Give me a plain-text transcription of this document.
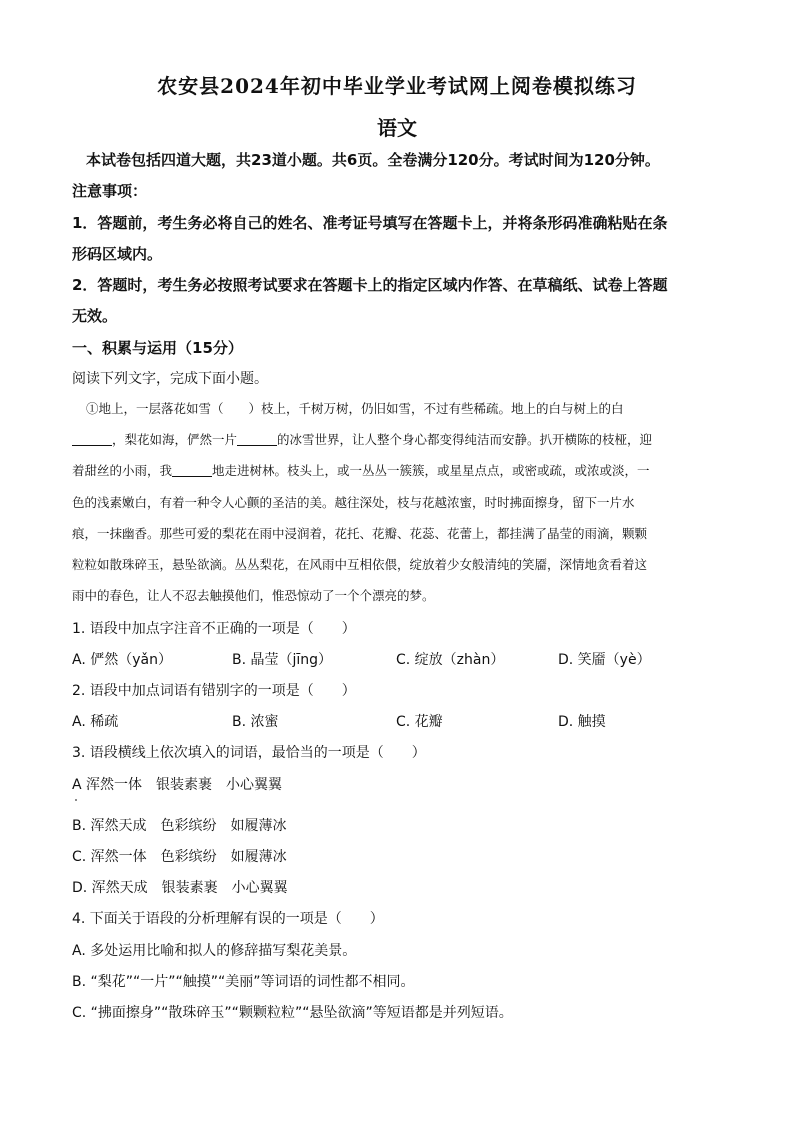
农安县2024年初中毕业学业考试网上阅卷模拟练习
语文
本试卷包括四道大题，共23道小题。共6页。全卷满分120分。考试时间为120分钟。
注意事项：
1．答题前，考生务必将自己的姓名、准考证号填写在答题卡上，并将条形码准确粘贴在条
形码区域内。
2．答题时，考生务必按照考试要求在答题卡上的指定区域内作答、在草稿纸、试卷上答题
无效。
一、积累与运用（15分）
阅读下列文字，完成下面小题。
①地上，一层落花如雪（　　）枝上，千树万树，仍旧如雪，不过有些稀疏。地上的白与树上的白
，梨花如海，俨然一片	的冰雪世界，让人整个身心都变得纯洁而安静。扒开横陈的枝桠，迎
着甜丝的小雨，我	地走进树林。枝头上，或一丛丛一簇簇，或星星点点，或密或疏，或浓或淡，一
色的浅素嫩白，有着一种令人心颤的圣洁的美。越往深处，枝与花越浓蜜，时时拂面擦身，留下一片水
痕，一抹幽香。那些可爱的梨花在雨中浸润着，花托、花瓣、花蕊、花蕾上，都挂满了晶莹的雨滴，颗颗
粒粒如散珠碎玉，悬坠欲滴。丛丛梨花，在风雨中互相依偎，绽放着少女般清纯的笑靥，深情地贪看着这
雨中的春色，让人不忍去触摸他们，惟恐惊动了一个个漂亮的梦。
1. 语段中加点字注音不正确的一项是（　　）
A. 俨然（yǎn）	B. 晶莹（jīng）	C. 绽放（zhàn）	D. 笑靥（yè）
2. 语段中加点词语有错别字的一项是（　　）
A. 稀疏	B. 浓蜜	C. 花瓣	D. 触摸
3. 语段横线上依次填入的词语，最恰当的一项是（　　）
A 浑然一体　银装素裹　小心翼翼
B. 浑然天成　色彩缤纷　如履薄冰
C. 浑然一体　色彩缤纷　如履薄冰
D. 浑然天成　银装素裹　小心翼翼
4. 下面关于语段的分析理解有误的一项是（　　）
A. 多处运用比喻和拟人的修辞描写梨花美景。
B. “梨花”“一片”“触摸”“美丽”等词语的词性都不相同。
C. “拂面擦身”“散珠碎玉”“颗颗粒粒”“悬坠欲滴”等短语都是并列短语。
